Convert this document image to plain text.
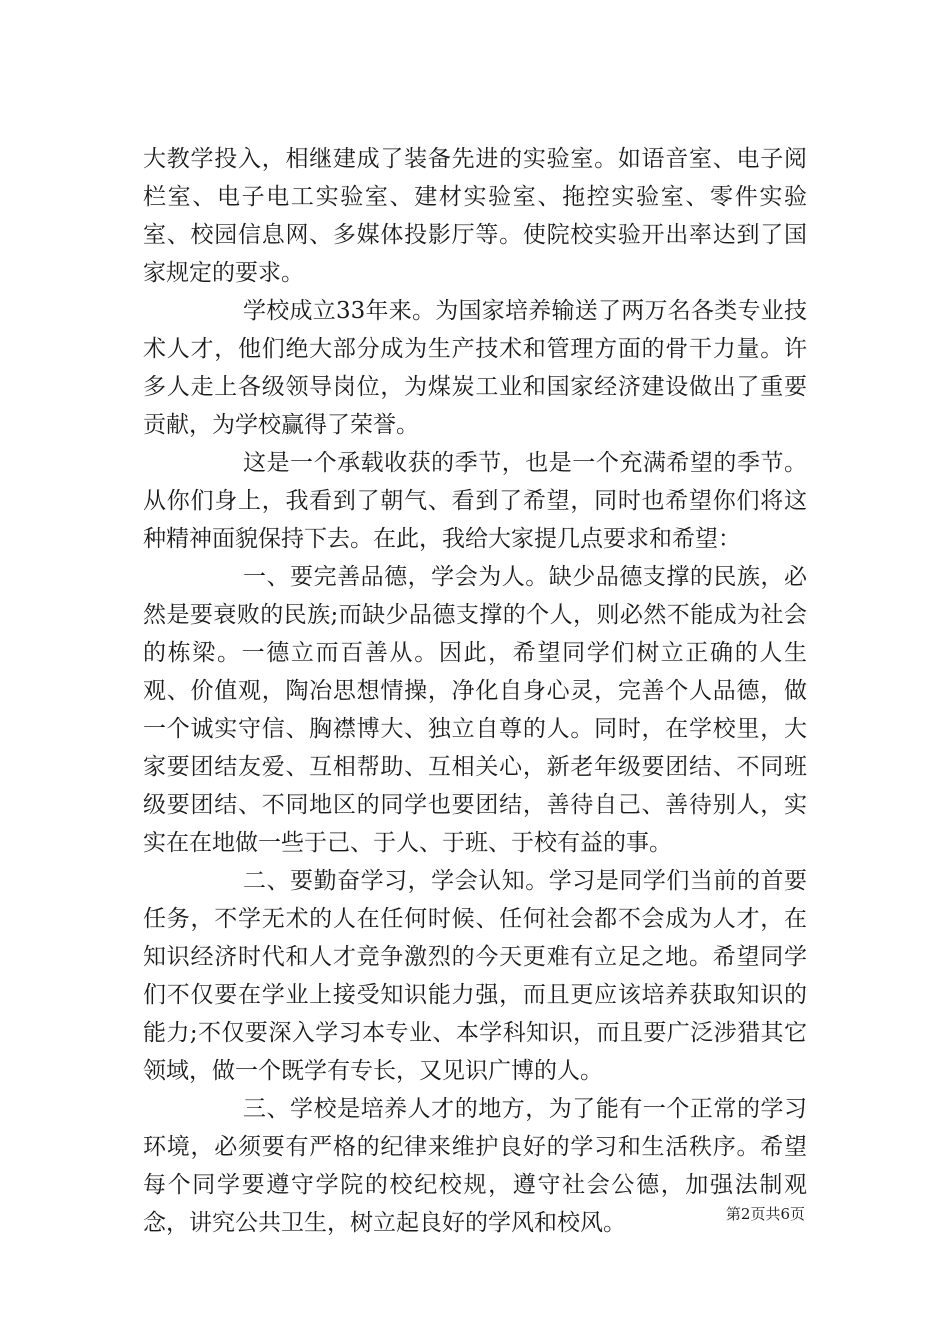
大教学投入，相继建成了装备先进的实验室。如语音室、电子阅栏室、电子电工实验室、建材实验室、拖控实验室、零件实验室、校园信息网、多媒体投影厅等。使院校实验开出率达到了国家规定的要求。

学校成立33年来。为国家培养输送了两万名各类专业技术人才，他们绝大部分成为生产技术和管理方面的骨干力量。许多人走上各级领导岗位，为煤炭工业和国家经济建设做出了重要贡献，为学校赢得了荣誉。

这是一个承载收获的季节，也是一个充满希望的季节。从你们身上，我看到了朝气、看到了希望，同时也希望你们将这种精神面貌保持下去。在此，我给大家提几点要求和希望：

一、要完善品德，学会为人。缺少品德支撑的民族，必然是要衰败的民族;而缺少品德支撑的个人，则必然不能成为社会的栋梁。一德立而百善从。因此，希望同学们树立正确的人生观、价值观，陶冶思想情操，净化自身心灵，完善个人品德，做一个诚实守信、胸襟博大、独立自尊的人。同时，在学校里，大家要团结友爱、互相帮助、互相关心，新老年级要团结、不同班级要团结、不同地区的同学也要团结，善待自己、善待别人，实实在在地做一些于己、于人、于班、于校有益的事。

二、要勤奋学习，学会认知。学习是同学们当前的首要任务，不学无术的人在任何时候、任何社会都不会成为人才，在知识经济时代和人才竞争激烈的今天更难有立足之地。希望同学们不仅要在学业上接受知识能力强，而且更应该培养获取知识的能力;不仅要深入学习本专业、本学科知识，而且要广泛涉猎其它领域，做一个既学有专长，又见识广博的人。

三、学校是培养人才的地方，为了能有一个正常的学习环境，必须要有严格的纪律来维护良好的学习和生活秩序。希望每个同学要遵守学院的校纪校规，遵守社会公德，加强法制观念，讲究公共卫生，树立起良好的学风和校风。	第2页共6页
